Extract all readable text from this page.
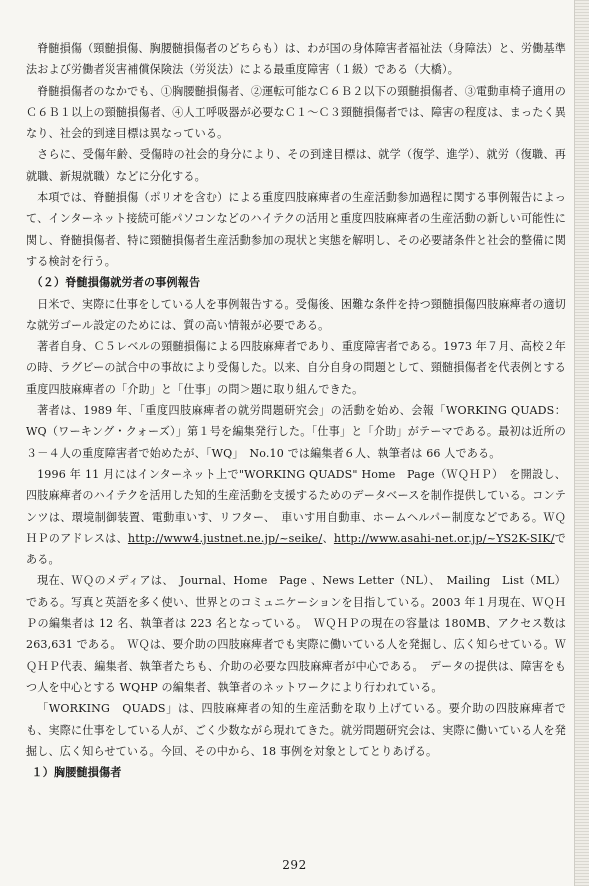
脊髄損傷（頸髄損傷、胸腰髄損傷者のどちらも）は、わが国の身体障害者福祉法（身障法）と、労働基準法および労働者災害補償保険法（労災法）による最重度障害（１級）である（大橋）。

脊髄損傷者のなかでも、①胸腰髄損傷者、②運転可能なＣ６Ｂ２以下の頸髄損傷者、③電動車椅子適用のＣ６Ｂ１以上の頸髄損傷者、④人工呼吸器が必要なＣ１～Ｃ３頸髄損傷者では、障害の程度は、まったく異なり、社会的到達目標は異なっている。

さらに、受傷年齢、受傷時の社会的身分により、その到達目標は、就学（復学、進学）、就労（復職、再就職、新規就職）などに分化する。

本項では、脊髄損傷（ポリオを含む）による重度四肢麻痺者の生産活動参加過程に関する事例報告によって、インターネット接続可能パソコンなどのハイテクの活用と重度四肢麻痺者の生産活動の新しい可能性に関し、脊髄損傷者、特に頸髄損傷者生産活動参加の現状と実態を解明し、その必要諸条件と社会的整備に関する検討を行う。

（２）脊髄損傷就労者の事例報告

日米で、実際に仕事をしている人を事例報告する。受傷後、困難な条件を持つ頸髄損傷四肢麻痺者の適切な就労ゴール設定のためには、質の高い情報が必要である。

著者自身、Ｃ５レベルの頸髄損傷による四肢麻痺者であり、重度障害者である。1973 年７月、高校２年の時、ラグビーの試合中の事故により受傷した。以来、自分自身の問題として、頸髄損傷者を代表例とする重度四肢麻痺者の「介助」と「仕事」の問＞題に取り組んできた。

著者は、1989 年、「重度四肢麻痺者の就労問題研究会」の活動を始め、会報「WORKING QUADS：WQ（ワーキング・クォーズ）」第１号を編集発行した。「仕事」と「介助」がテーマである。最初は近所の３－４人の重度障害者で始めたが、「WQ」　No.10 では編集者６人、執筆者は 66 人である。

1996 年 11 月にはインターネット上で"WORKING QUADS" Home　Page（ＷＱＨＰ）　を開設し、四肢麻痺者のハイテクを活用した知的生産活動を支援するためのデータベースを制作提供している。コンテンツは、環境制御装置、電動車いす、リフター、　車いす用自動車、ホームヘルパー制度などである。ＷＱＨＰのアドレスは、http://www4.justnet.ne.jp/~seike/、http://www.asahi-net.or.jp/~YS2K-SIK/である。

現在、ＷＱのメディアは、　Journal、Home　Page 、News Letter（NL）、　Mailing　List（ML）である。写真と英語を多く使い、世界とのコミュニケーションを目指している。2003 年１月現在、ＷＱＨＰの編集者は 12 名、執筆者は 223 名となっている。　ＷＱＨＰの現在の容量は 180MB、アクセス数は 263,631 である。　ＷＱは、要介助の四肢麻痺者でも実際に働いている人を発掘し、広く知らせている。ＷＱＨＰ代表、編集者、執筆者たちも、介助の必要な四肢麻痺者が中心である。　データの提供は、障害をもつ人を中心とする WQHP の編集者、執筆者のネットワークにより行われている。

「WORKING　QUADS」は、四肢麻痺者の知的生産活動を取り上げている。要介助の四肢麻痺者でも、実際に仕事をしている人が、ごく少数ながら現れてきた。就労問題研究会は、実際に働いている人を発掘し、広く知らせている。今回、その中から、18 事例を対象としてとりあげる。

１）胸腰髄損傷者

292
